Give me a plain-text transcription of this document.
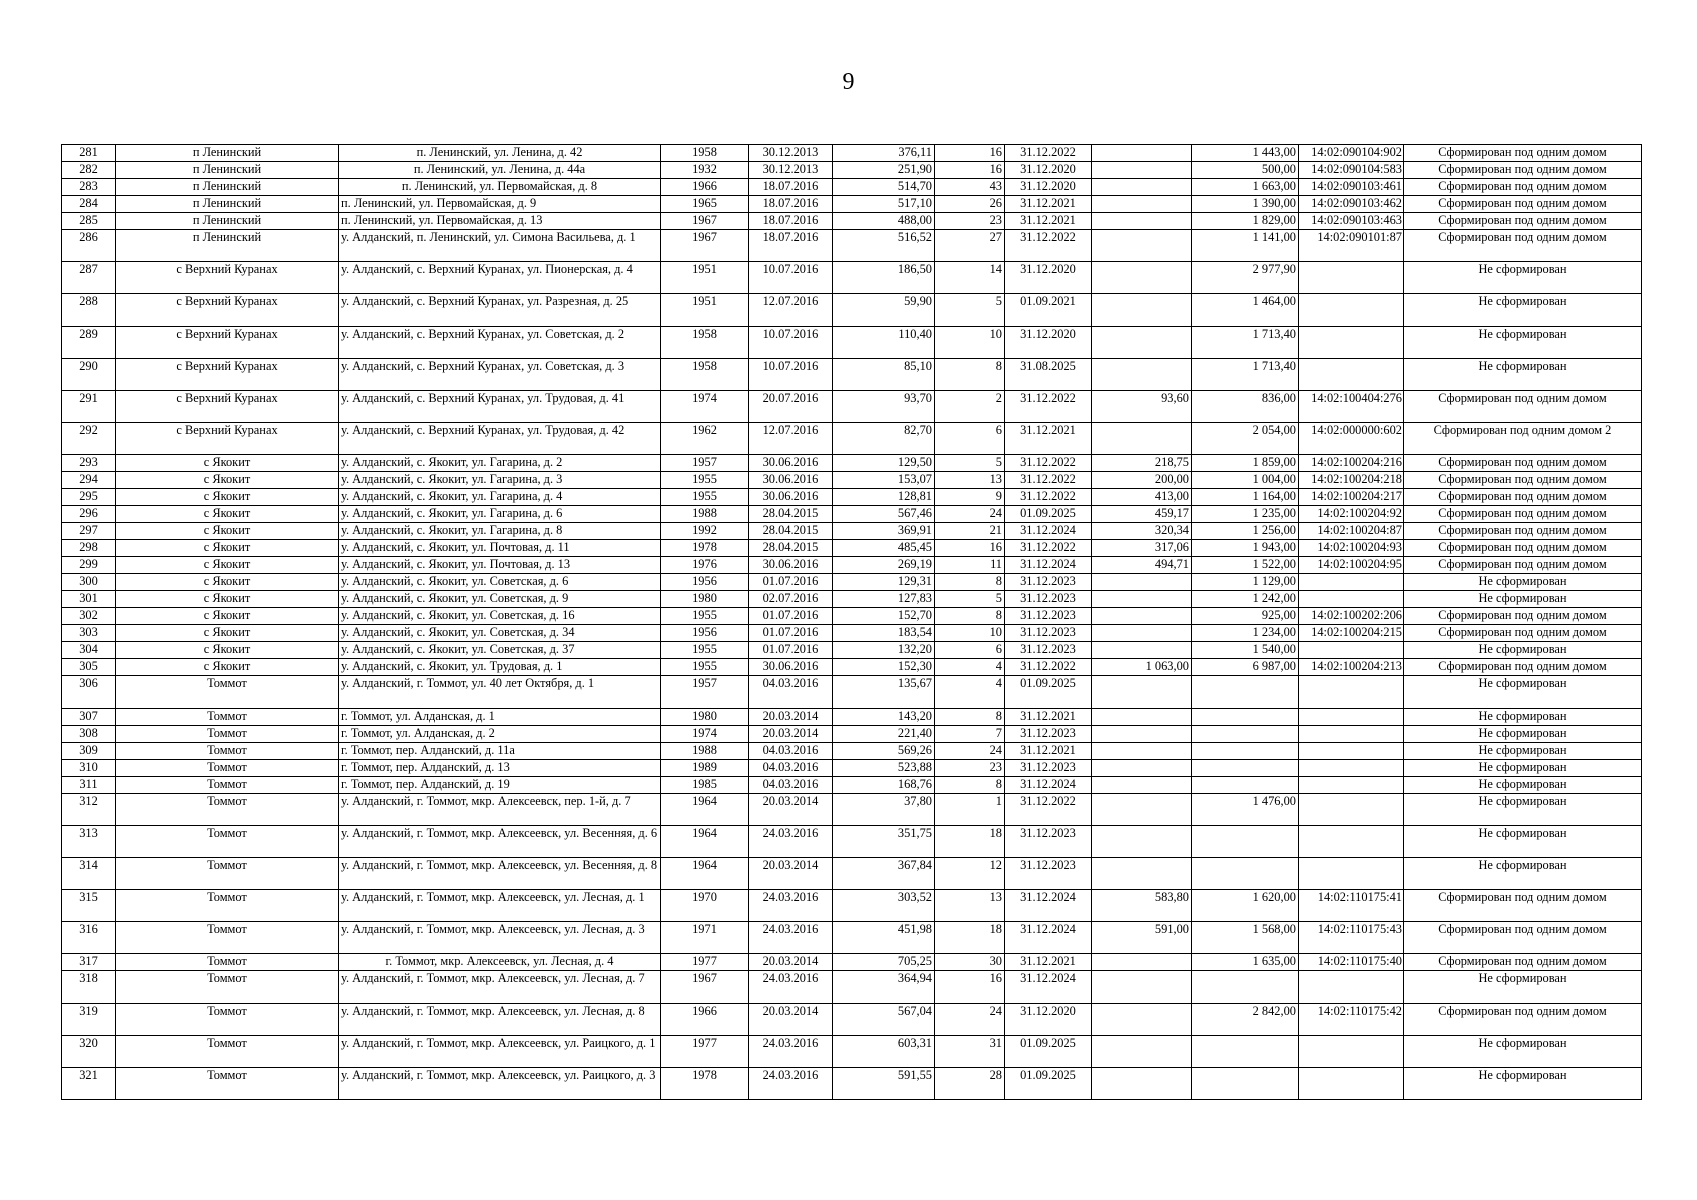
9
281	п Ленинский	п. Ленинский, ул. Ленина, д. 42	1958	30.12.2013	376,11	16	31.12.2022		1 443,00	14:02:090104:902	Сформирован под одним домом
282	п Ленинский	п. Ленинский, ул. Ленина, д. 44а	1932	30.12.2013	251,90	16	31.12.2020		500,00	14:02:090104:583	Сформирован под одним домом
283	п Ленинский	п. Ленинский, ул. Первомайская, д. 8	1966	18.07.2016	514,70	43	31.12.2020		1 663,00	14:02:090103:461	Сформирован под одним домом
284	п Ленинский	п. Ленинский, ул. Первомайская, д. 9	1965	18.07.2016	517,10	26	31.12.2021		1 390,00	14:02:090103:462	Сформирован под одним домом
285	п Ленинский	п. Ленинский, ул. Первомайская, д. 13	1967	18.07.2016	488,00	23	31.12.2021		1 829,00	14:02:090103:463	Сформирован под одним домом
286	п Ленинский	у. Алданский, п. Ленинский, ул. Симона Васильева, д. 1	1967	18.07.2016	516,52	27	31.12.2022		1 141,00	14:02:090101:87	Сформирован под одним домом
287	с Верхний Куранах	у. Алданский, с. Верхний Куранах, ул. Пионерская, д. 4	1951	10.07.2016	186,50	14	31.12.2020		2 977,90		Не сформирован
288	с Верхний Куранах	у. Алданский, с. Верхний Куранах, ул. Разрезная, д. 25	1951	12.07.2016	59,90	5	01.09.2021		1 464,00		Не сформирован
289	с Верхний Куранах	у. Алданский, с. Верхний Куранах, ул. Советская, д. 2	1958	10.07.2016	110,40	10	31.12.2020		1 713,40		Не сформирован
290	с Верхний Куранах	у. Алданский, с. Верхний Куранах, ул. Советская, д. 3	1958	10.07.2016	85,10	8	31.08.2025		1 713,40		Не сформирован
291	с Верхний Куранах	у. Алданский, с. Верхний Куранах, ул. Трудовая, д. 41	1974	20.07.2016	93,70	2	31.12.2022	93,60	836,00	14:02:100404:276	Сформирован под одним домом
292	с Верхний Куранах	у. Алданский, с. Верхний Куранах, ул. Трудовая, д. 42	1962	12.07.2016	82,70	6	31.12.2021		2 054,00	14:02:000000:602	Сформирован под одним домом 2
293	с Якокит	у. Алданский, с. Якокит, ул. Гагарина, д. 2	1957	30.06.2016	129,50	5	31.12.2022	218,75	1 859,00	14:02:100204:216	Сформирован под одним домом
294	с Якокит	у. Алданский, с. Якокит, ул. Гагарина, д. 3	1955	30.06.2016	153,07	13	31.12.2022	200,00	1 004,00	14:02:100204:218	Сформирован под одним домом
295	с Якокит	у. Алданский, с. Якокит, ул. Гагарина, д. 4	1955	30.06.2016	128,81	9	31.12.2022	413,00	1 164,00	14:02:100204:217	Сформирован под одним домом
296	с Якокит	у. Алданский, с. Якокит, ул. Гагарина, д. 6	1988	28.04.2015	567,46	24	01.09.2025	459,17	1 235,00	14:02:100204:92	Сформирован под одним домом
297	с Якокит	у. Алданский, с. Якокит, ул. Гагарина, д. 8	1992	28.04.2015	369,91	21	31.12.2024	320,34	1 256,00	14:02:100204:87	Сформирован под одним домом
298	с Якокит	у. Алданский, с. Якокит, ул. Почтовая, д. 11	1978	28.04.2015	485,45	16	31.12.2022	317,06	1 943,00	14:02:100204:93	Сформирован под одним домом
299	с Якокит	у. Алданский, с. Якокит, ул. Почтовая, д. 13	1976	30.06.2016	269,19	11	31.12.2024	494,71	1 522,00	14:02:100204:95	Сформирован под одним домом
300	с Якокит	у. Алданский, с. Якокит, ул. Советская, д. 6	1956	01.07.2016	129,31	8	31.12.2023		1 129,00		Не сформирован
301	с Якокит	у. Алданский, с. Якокит, ул. Советская, д. 9	1980	02.07.2016	127,83	5	31.12.2023		1 242,00		Не сформирован
302	с Якокит	у. Алданский, с. Якокит, ул. Советская, д. 16	1955	01.07.2016	152,70	8	31.12.2023		925,00	14:02:100202:206	Сформирован под одним домом
303	с Якокит	у. Алданский, с. Якокит, ул. Советская, д. 34	1956	01.07.2016	183,54	10	31.12.2023		1 234,00	14:02:100204:215	Сформирован под одним домом
304	с Якокит	у. Алданский, с. Якокит, ул. Советская, д. 37	1955	01.07.2016	132,20	6	31.12.2023		1 540,00		Не сформирован
305	с Якокит	у. Алданский, с. Якокит, ул. Трудовая, д. 1	1955	30.06.2016	152,30	4	31.12.2022	1 063,00	6 987,00	14:02:100204:213	Сформирован под одним домом
306	Томмот	у. Алданский, г. Томмот, ул. 40 лет Октября, д. 1	1957	04.03.2016	135,67	4	01.09.2025				Не сформирован
307	Томмот	г. Томмот, ул. Алданская, д. 1	1980	20.03.2014	143,20	8	31.12.2021				Не сформирован
308	Томмот	г. Томмот, ул. Алданская, д. 2	1974	20.03.2014	221,40	7	31.12.2023				Не сформирован
309	Томмот	г. Томмот, пер. Алданский, д. 11а	1988	04.03.2016	569,26	24	31.12.2021				Не сформирован
310	Томмот	г. Томмот, пер. Алданский, д. 13	1989	04.03.2016	523,88	23	31.12.2023				Не сформирован
311	Томмот	г. Томмот, пер. Алданский, д. 19	1985	04.03.2016	168,76	8	31.12.2024				Не сформирован
312	Томмот	у. Алданский, г. Томмот, мкр. Алексеевск, пер. 1-й, д. 7	1964	20.03.2014	37,80	1	31.12.2022		1 476,00		Не сформирован
313	Томмот	у. Алданский, г. Томмот, мкр. Алексеевск, ул. Весенняя, д. 6	1964	24.03.2016	351,75	18	31.12.2023				Не сформирован
314	Томмот	у. Алданский, г. Томмот, мкр. Алексеевск, ул. Весенняя, д. 8	1964	20.03.2014	367,84	12	31.12.2023				Не сформирован
315	Томмот	у. Алданский, г. Томмот, мкр. Алексеевск, ул. Лесная, д. 1	1970	24.03.2016	303,52	13	31.12.2024	583,80	1 620,00	14:02:110175:41	Сформирован под одним домом
316	Томмот	у. Алданский, г. Томмот, мкр. Алексеевск, ул. Лесная, д. 3	1971	24.03.2016	451,98	18	31.12.2024	591,00	1 568,00	14:02:110175:43	Сформирован под одним домом
317	Томмот	г. Томмот, мкр. Алексеевск, ул. Лесная, д. 4	1977	20.03.2014	705,25	30	31.12.2021		1 635,00	14:02:110175:40	Сформирован под одним домом
318	Томмот	у. Алданский, г. Томмот, мкр. Алексеевск, ул. Лесная, д. 7	1967	24.03.2016	364,94	16	31.12.2024				Не сформирован
319	Томмот	у. Алданский, г. Томмот, мкр. Алексеевск, ул. Лесная, д. 8	1966	20.03.2014	567,04	24	31.12.2020		2 842,00	14:02:110175:42	Сформирован под одним домом
320	Томмот	у. Алданский, г. Томмот, мкр. Алексеевск, ул. Раицкого, д. 1	1977	24.03.2016	603,31	31	01.09.2025				Не сформирован
321	Томмот	у. Алданский, г. Томмот, мкр. Алексеевск, ул. Раицкого, д. 3	1978	24.03.2016	591,55	28	01.09.2025				Не сформирован
